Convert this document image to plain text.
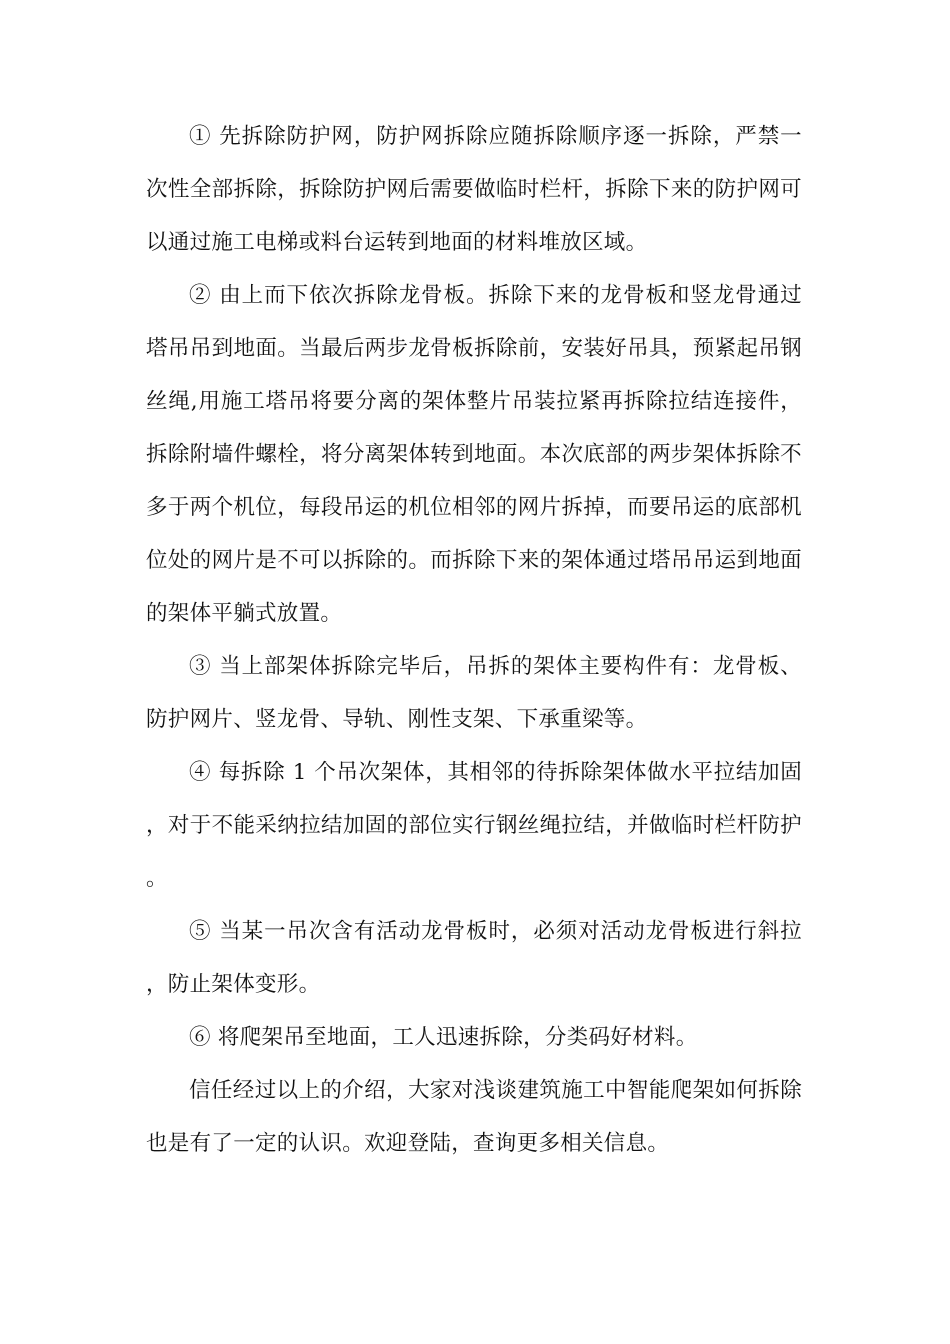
① 先拆除防护网，防护网拆除应随拆除顺序逐一拆除，严禁一次性全部拆除，拆除防护网后需要做临时栏杆，拆除下来的防护网可以通过施工电梯或料台运转到地面的材料堆放区域。

② 由上而下依次拆除龙骨板。拆除下来的龙骨板和竖龙骨通过塔吊吊到地面。当最后两步龙骨板拆除前，安装好吊具，预紧起吊钢丝绳,用施工塔吊将要分离的架体整片吊装拉紧再拆除拉结连接件，拆除附墙件螺栓，将分离架体转到地面。本次底部的两步架体拆除不多于两个机位，每段吊运的机位相邻的网片拆掉，而要吊运的底部机位处的网片是不可以拆除的。而拆除下来的架体通过塔吊吊运到地面的架体平躺式放置。

③ 当上部架体拆除完毕后，吊拆的架体主要构件有：龙骨板、防护网片、竖龙骨、导轨、刚性支架、下承重梁等。

④ 每拆除 1 个吊次架体，其相邻的待拆除架体做水平拉结加固，对于不能采纳拉结加固的部位实行钢丝绳拉结，并做临时栏杆防护。

⑤ 当某一吊次含有活动龙骨板时，必须对活动龙骨板进行斜拉，防止架体变形。

⑥ 将爬架吊至地面，工人迅速拆除，分类码好材料。

信任经过以上的介绍，大家对浅谈建筑施工中智能爬架如何拆除也是有了一定的认识。欢迎登陆，查询更多相关信息。
